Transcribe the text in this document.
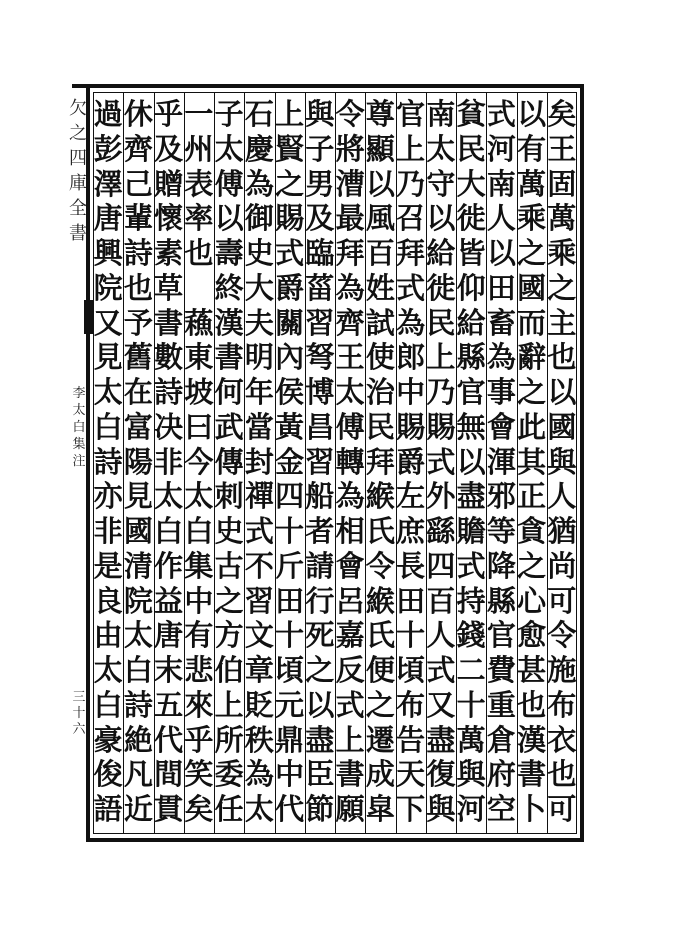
欠
之
四
庫
全
書
李
太
白
集
注
三
十
六
矣
王
固
萬
乘
之
主
也
以
國
與
人
猶
尚
可
令
施
布
衣
也
可
以
有
萬
乘
之
國
而
辭
之
此
其
正
貪
之
心
愈
甚
也
漢
書
卜
式
河
南
人
以
田
畜
為
事
會
渾
邪
等
降
縣
官
費
重
倉
府
空
貧
民
大
徙
皆
仰
給
縣
官
無
以
盡
贍
式
持
錢
二
十
萬
與
河
南
太
守
以
給
徙
民
上
乃
賜
式
外
繇
四
百
人
式
又
盡
復
與
官
上
乃
召
拜
式
為
郎
中
賜
爵
左
庶
長
田
十
頃
布
告
天
下
尊
顯
以
風
百
姓
試
使
治
民
拜
緱
氏
令
緱
氏
便
之
遷
成
皐
令
將
漕
最
拜
為
齊
王
太
傅
轉
為
相
會
呂
嘉
反
式
上
書
願
與
子
男
及
臨
菑
習
弩
博
昌
習
船
者
請
行
死
之
以
盡
臣
節
上
賢
之
賜
式
爵
關
內
侯
黃
金
四
十
斤
田
十
頃
元
鼎
中
代
石
慶
為
御
史
大
夫
明
年
當
封
禪
式
不
習
文
章
貶
秩
為
太
子
太
傅
以
壽
終
漢
書
何
武
傳
刺
史
古
之
方
伯
上
所
委
任
一
州
表
率
也

蘓
東
坡
曰
今
太
白
集
中
有
悲
來
乎
笑
矣
乎
及
贈
懷
素
草
書
數
詩
决
非
太
白
作
益
唐
末
五
代
間
貫
休
齊
己
輩
詩
也
予
舊
在
富
陽
見
國
清
院
太
白
詩
絶
凡
近
過
彭
澤
唐
興
院
又
見
太
白
詩
亦
非
是
良
由
太
白
豪
俊
語
